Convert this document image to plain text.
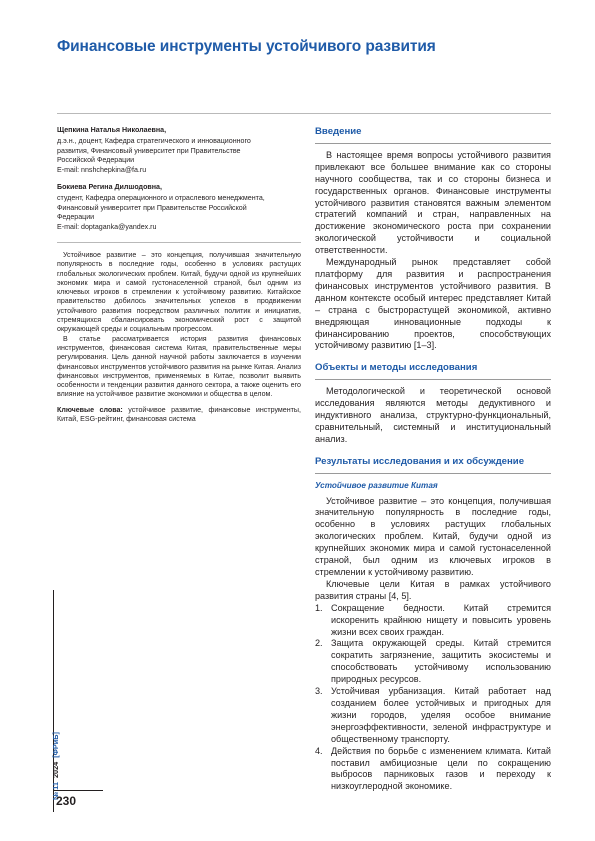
Финансовые инструменты устойчивого развития
Щепкина Наталья Николаевна,
д.э.н., доцент, Кафедра стратегического и инновационного
развития, Финансовый университет при Правительстве
Российской Федерации
E-mail: nnshchepkina@fa.ru
Бокиева Регина Дилшодовна,
студент, Кафедра операционного и отраслевого менеджмента,
Финансовый университет при Правительстве Российской
Федерации
E-mail: doptaganka@yandex.ru

Устойчивое развитие – это концепция, получившая значительную популярность в последние годы, особенно в условиях растущих глобальных экологических проблем. Китай, будучи одной из крупнейших экономик мира и самой густонаселенной страной, был одним из ключевых игроков в стремлении к устойчивому развитию. Китайское правительство добилось значительных успехов в продвижении устойчивого развития посредством различных политик и инициатив, стремящихся сбалансировать экономический рост с защитой окружающей среды и социальным прогрессом.

В статье рассматривается история развития финансовых инструментов, финансовая система Китая, правительственные меры регулирования. Цель данной научной работы заключается в изучении финансовых инструментов устойчивого развития на рынке Китая. Анализ финансовых инструментов, применяемых в Китае, позволит выявить особенности и тенденции развития данного сектора, а также оценить его влияние на устойчивое развитие экономики и общества в целом.

Ключевые слова: устойчивое развитие, финансовые инструменты, Китай, ESG-рейтинг, финансовая система

Введение

В настоящее время вопросы устойчивого развития привлекают все большее внимание как со стороны научного сообщества, так и со стороны бизнеса и государственных органов. Финансовые инструменты устойчивого развития становятся важным элементом стратегий компаний и стран, направленных на достижение экономического роста при сохранении экологической устойчивости и социальной ответственности.

Международный рынок представляет собой платформу для развития и распространения финансовых инструментов устойчивого развития. В данном контексте особый интерес представляет Китай – страна с быстрорастущей экономикой, активно внедряющая инновационные подходы к финансированию проектов, способствующих устойчивому развитию [1–3].

Объекты и методы исследования

Методологической и теоретической основой исследования являются методы дедуктивного и индуктивного анализа, структурно-функциональный, сравнительный, системный и институциональный анализ.

Результаты исследования и их обсуждение

Устойчивое развитие Китая

Устойчивое развитие – это концепция, получившая значительную популярность в последние годы, особенно в условиях растущих глобальных экологических проблем. Китай, будучи одной из крупнейших экономик мира и самой густонаселенной страной, был одним из ключевых игроков в стремлении к устойчивому развитию.

Ключевые цели Китая в рамках устойчивого развития страны [4, 5].

1. Сокращение бедности. Китай стремится искоренить крайнюю нищету и повысить уровень жизни всех своих граждан.
2. Защита окружающей среды. Китай стремится сократить загрязнение, защитить экосистемы и способствовать устойчивому использованию природных ресурсов.
3. Устойчивая урбанизация. Китай работает над созданием более устойчивых и пригодных для жизни городов, уделяя особое внимание энергоэффективности, зеленой инфраструктуре и общественному транспорту.
4. Действия по борьбе с изменением климата. Китай поставил амбициозные цели по сокращению выбросов парниковых газов и переходу к низкоуглеродной экономике.
№ 11  2024  [ФРиБ]
230
